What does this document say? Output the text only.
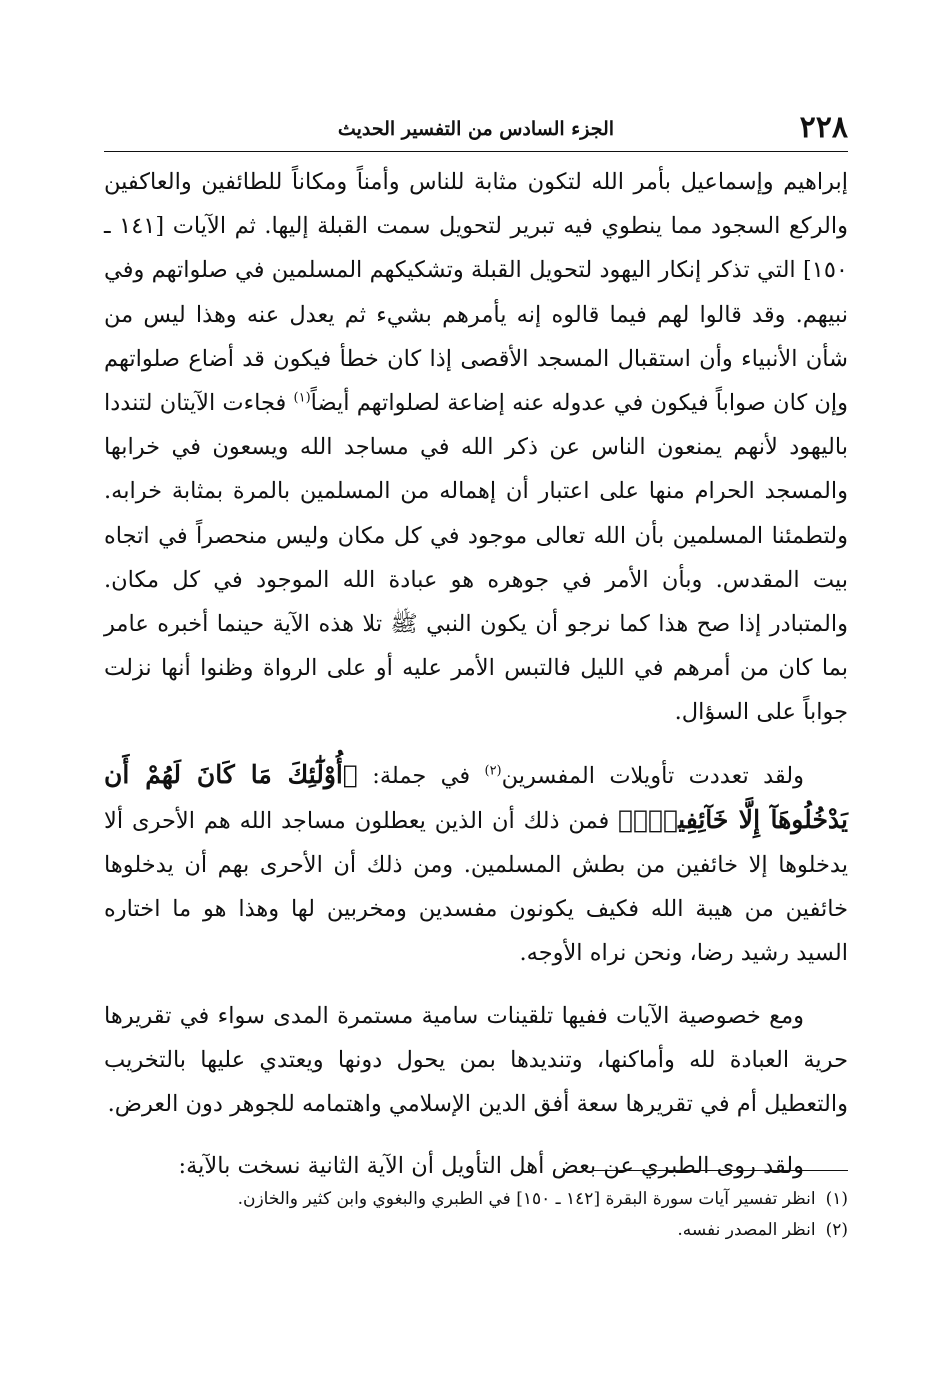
٢٢٨
الجزء السادس من التفسير الحديث

إبراهيم وإسماعيل بأمر الله لتكون مثابة للناس وأمناً ومكاناً للطائفين والعاكفين والركع السجود مما ينطوي فيه تبرير لتحويل سمت القبلة إليها. ثم الآيات [١٤١ ـ ١٥٠] التي تذكر إنكار اليهود لتحويل القبلة وتشكيكهم المسلمين في صلواتهم وفي نبيهم. وقد قالوا لهم فيما قالوه إنه يأمرهم بشيء ثم يعدل عنه وهذا ليس من شأن الأنبياء وأن استقبال المسجد الأقصى إذا كان خطأ فيكون قد أضاع صلواتهم وإن كان صواباً فيكون في عدوله عنه إضاعة لصلواتهم أيضاً$^{(١)}$ فجاءت الآيتان لتنددا باليهود لأنهم يمنعون الناس عن ذكر الله في مساجد الله ويسعون في خرابها والمسجد الحرام منها على اعتبار أن إهماله من المسلمين بالمرة بمثابة خرابه. ولتطمئنا المسلمين بأن الله تعالى موجود في كل مكان وليس منحصراً في اتجاه بيت المقدس. وبأن الأمر في جوهره هو عبادة الله الموجود في كل مكان. والمتبادر إذا صح هذا كما نرجو أن يكون النبي ﷺ تلا هذه الآية حينما أخبره عامر بما كان من أمرهم في الليل فالتبس الأمر عليه أو على الرواة وظنوا أنها نزلت جواباً على السؤال.

ولقد تعددت تأويلات المفسرين$^{(٢)}$ في جملة: ﴿أُوْلَٰٓئِكَ مَا كَانَ لَهُمْ أَن يَدْخُلُوهَآ إِلَّا خَآئِفِينَۚ﴾ فمن ذلك أن الذين يعطلون مساجد الله هم الأحرى ألا يدخلوها إلا خائفين من بطش المسلمين. ومن ذلك أن الأحرى بهم أن يدخلوها خائفين من هيبة الله فكيف يكونون مفسدين ومخربين لها وهذا هو ما اختاره السيد رشيد رضا، ونحن نراه الأوجه.

ومع خصوصية الآيات ففيها تلقينات سامية مستمرة المدى سواء في تقريرها حرية العبادة لله وأماكنها، وتنديدها بمن يحول دونها ويعتدي عليها بالتخريب والتعطيل أم في تقريرها سعة أفق الدين الإسلامي واهتمامه للجوهر دون العرض.

ولقد روى الطبري عن بعض أهل التأويل أن الآية الثانية نسخت بالآية:

(١)انظر تفسير آيات سورة البقرة [١٤٢ ـ ١٥٠] في الطبري والبغوي وابن كثير والخازن.

(٢)انظر المصدر نفسه.
